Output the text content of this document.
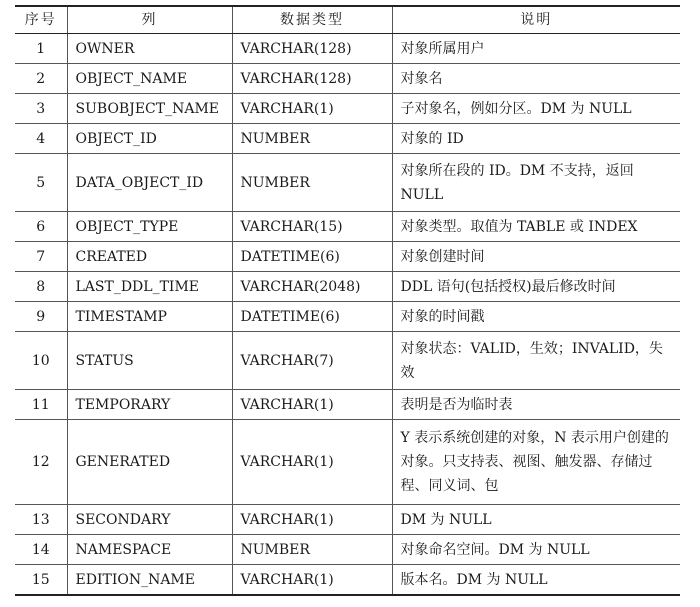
序号	列	数据类型	说明
1	OWNER	VARCHAR(128)	对象所属用户
2	OBJECT_NAME	VARCHAR(128)	对象名
3	SUBOBJECT_NAME	VARCHAR(1)	子对象名，例如分区。DM 为 NULL
4	OBJECT_ID	NUMBER	对象的 ID
5	DATA_OBJECT_ID	NUMBER	对象所在段的 ID。DM 不支持，返回 NULL
6	OBJECT_TYPE	VARCHAR(15)	对象类型。取值为 TABLE 或 INDEX
7	CREATED	DATETIME(6)	对象创建时间
8	LAST_DDL_TIME	VARCHAR(2048)	DDL 语句(包括授权)最后修改时间
9	TIMESTAMP	DATETIME(6)	对象的时间戳
10	STATUS	VARCHAR(7)	对象状态：VALID，生效；INVALID，失效
11	TEMPORARY	VARCHAR(1)	表明是否为临时表
12	GENERATED	VARCHAR(1)	Y 表示系统创建的对象，N 表示用户创建的对象。只支持表、视图、触发器、存储过程、同义词、包
13	SECONDARY	VARCHAR(1)	DM 为 NULL
14	NAMESPACE	NUMBER	对象命名空间。DM 为 NULL
15	EDITION_NAME	VARCHAR(1)	版本名。DM 为 NULL
